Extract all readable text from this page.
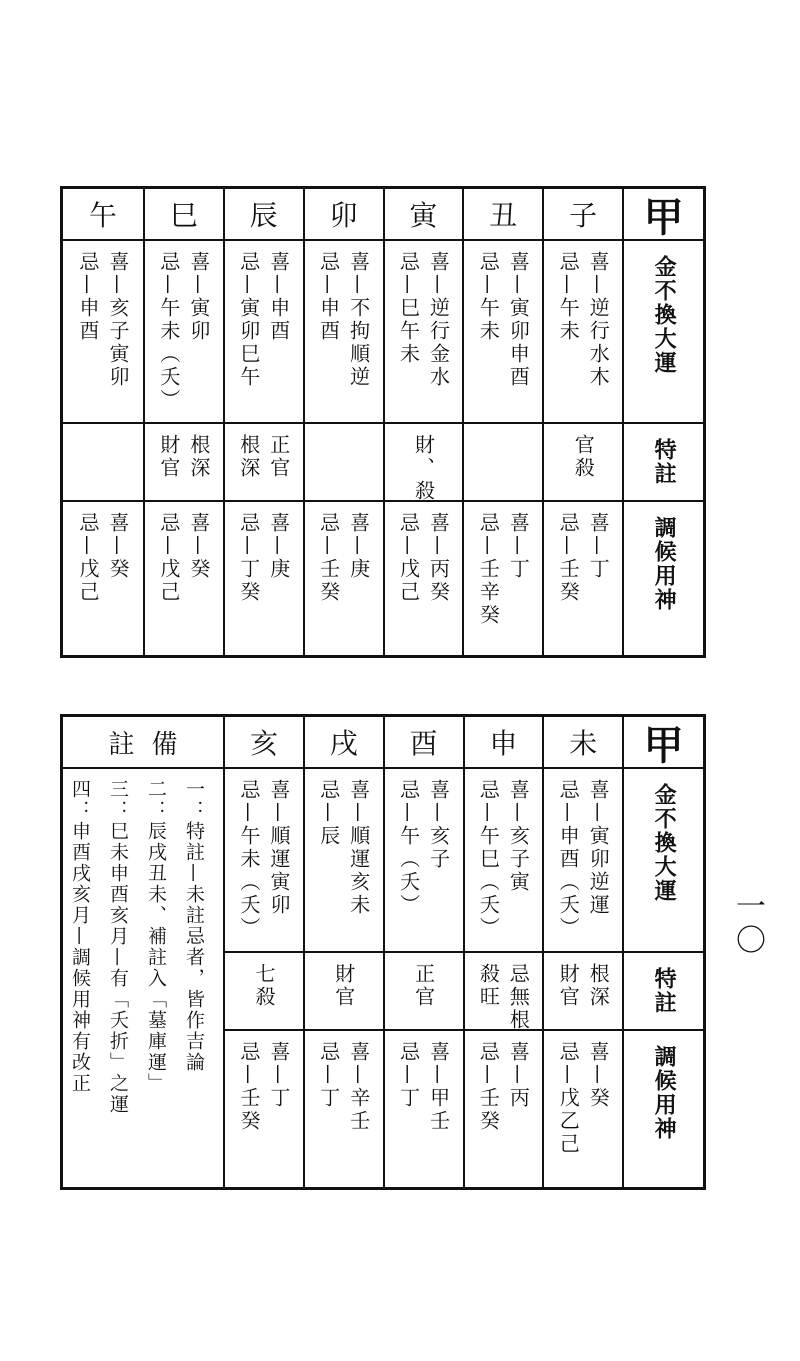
甲
金不換大運
特註
調候用神
子
喜—逆行水木
忌—午未
官殺
喜—丁
忌—壬癸
丑
喜—寅卯申酉
忌—午未
喜—丁
忌—壬辛癸
寅
喜—逆行金水
忌—巳午未
財、殺
喜—丙癸
忌—戊己
卯
喜—不拘順逆
忌—申酉
喜—庚
忌—壬癸
辰
喜—申酉
忌—寅卯巳午
正官
根深
喜—庚
忌—丁癸
巳
喜—寅卯
忌—午未（夭）
根深
財官
喜—癸
忌—戊己
午
喜—亥子寅卯
忌—申酉
喜—癸
忌—戊己
甲
金不換大運
特註
調候用神
未
喜—寅卯逆運
忌—申酉（夭）
根深
財官
喜—癸
忌—戊乙己
申
喜—亥子寅
忌—午巳（夭）
忌無根
殺旺
喜—丙
忌—壬癸
酉
喜—亥子
忌—午（夭）
正官
喜—甲壬
忌—丁
戌
喜—順運亥未
忌—辰
財官
喜—辛壬
忌—丁
亥
喜—順運寅卯
忌—午未（夭）
七殺
喜—丁
忌—壬癸
備
註
一：特註—未註忌者，皆作吉論
二：辰戌丑未、補註入「墓庫運」
三：巳未申酉亥月—有「夭折」之運
四：申酉戌亥月—調候用神有改正	一〇
